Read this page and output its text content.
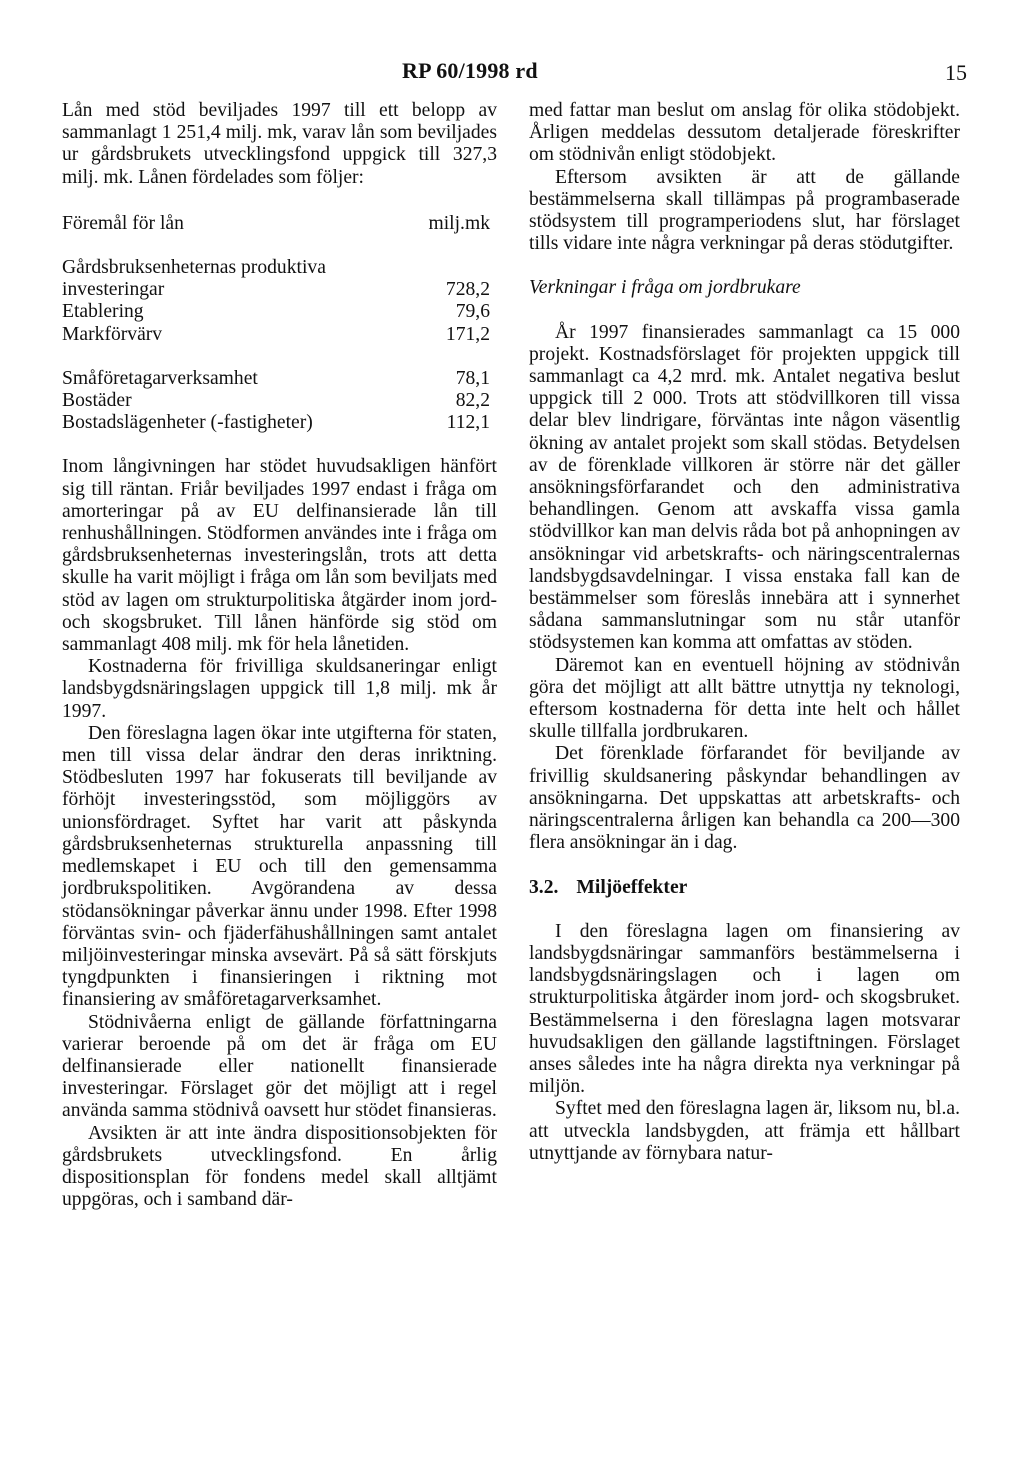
RP 60/1998 rd	15

Lån med stöd beviljades 1997 till ett belopp av sammanlagt 1 251,4 milj. mk, varav lån som beviljades ur gårdsbrukets utvecklingsfond uppgick till 327,3 milj. mk. Lånen fördelades som följer:

Föremål för lån	milj.mk
Gårdsbruksenheternas produktiva
investeringar	728,2
Etablering	79,6
Markförvärv	171,2
Småföretagarverksamhet	78,1
Bostäder	82,2
Bostadslägenheter (-fastigheter)	112,1

Inom långivningen har stödet huvudsakligen hänfört sig till räntan. Friår beviljades 1997 endast i fråga om amorteringar på av EU delfinansierade lån till renhushållningen. Stödformen användes inte i fråga om gårdsbruksenheternas investeringslån, trots att detta skulle ha varit möjligt i fråga om lån som beviljats med stöd av lagen om strukturpolitiska åtgärder inom jord- och skogsbruket. Till lånen hänförde sig stöd om sammanlagt 408 milj. mk för hela lånetiden.

Kostnaderna för frivilliga skuldsaneringar enligt landsbygdsnäringslagen uppgick till 1,8 milj. mk år 1997.

Den föreslagna lagen ökar inte utgifterna för staten, men till vissa delar ändrar den deras inriktning. Stödbesluten 1997 har fokuserats till beviljande av förhöjt investeringsstöd, som möjliggörs av unionsfördraget. Syftet har varit att påskynda gårdsbruksenheternas strukturella anpassning till medlemskapet i EU och till den gemensamma jordbrukspolitiken. Avgörandena av dessa stödansökningar påverkar ännu under 1998. Efter 1998 förväntas svin- och fjäderfähushållningen samt antalet miljöinvesteringar minska avsevärt. På så sätt förskjuts tyngdpunkten i finansieringen i riktning mot finansiering av småföretagarverksamhet.

Stödnivåerna enligt de gällande författningarna varierar beroende på om det är fråga om EU delfinansierade eller nationellt finansierade investeringar. Förslaget gör det möjligt att i regel använda samma stödnivå oavsett hur stödet finansieras.

Avsikten är att inte ändra dispositionsobjekten för gårdsbrukets utvecklingsfond. En årlig dispositionsplan för fondens medel skall alltjämt uppgöras, och i samband där-

med fattar man beslut om anslag för olika stödobjekt. Årligen meddelas dessutom detaljerade föreskrifter om stödnivån enligt stödobjekt.

Eftersom avsikten är att de gällande bestämmelserna skall tillämpas på programbaserade stödsystem till programperiodens slut, har förslaget tills vidare inte några verkningar på deras stödutgifter.

Verkningar i fråga om jordbrukare

År 1997 finansierades sammanlagt ca 15 000 projekt. Kostnadsförslaget för projekten uppgick till sammanlagt ca 4,2 mrd. mk. Antalet negativa beslut uppgick till 2 000. Trots att stödvillkoren till vissa delar blev lindrigare, förväntas inte någon väsentlig ökning av antalet projekt som skall stödas. Betydelsen av de förenklade villkoren är större när det gäller ansökningsförfarandet och den administrativa behandlingen. Genom att avskaffa vissa gamla stödvillkor kan man delvis råda bot på anhopningen av ansökningar vid arbetskrafts- och näringscentralernas landsbygdsavdelningar. I vissa enstaka fall kan de bestämmelser som föreslås innebära att i synnerhet sådana sammanslutningar som nu står utanför stödsystemen kan komma att omfattas av stöden.

Däremot kan en eventuell höjning av stödnivån göra det möjligt att allt bättre utnyttja ny teknologi, eftersom kostnaderna för detta inte helt och hållet skulle tillfalla jordbrukaren.

Det förenklade förfarandet för beviljande av frivillig skuldsanering påskyndar behandlingen av ansökningarna. Det uppskattas att arbetskrafts- och näringscentralerna årligen kan behandla ca 200—300 flera ansökningar än i dag.

3.2. Miljöeffekter

I den föreslagna lagen om finansiering av landsbygdsnäringar sammanförs bestämmelserna i landsbygdsnäringslagen och i lagen om strukturpolitiska åtgärder inom jord- och skogsbruket. Bestämmelserna i den föreslagna lagen motsvarar huvudsakligen den gällande lagstiftningen. Förslaget anses således inte ha några direkta nya verkningar på miljön.

Syftet med den föreslagna lagen är, liksom nu, bl.a. att utveckla landsbygden, att främja ett hållbart utnyttjande av förnybara natur-
